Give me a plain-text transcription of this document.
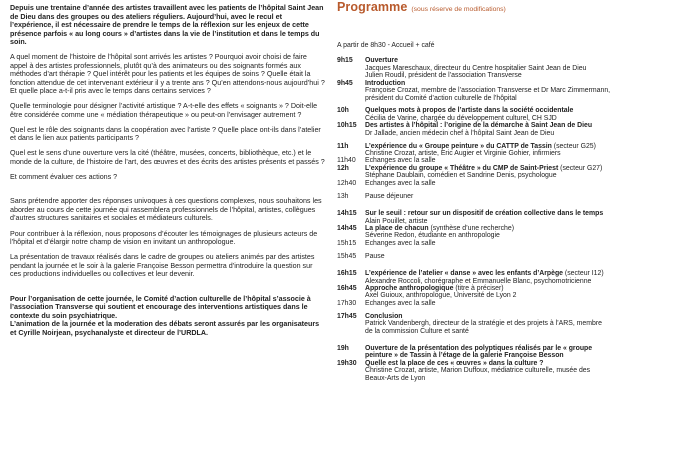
Depuis une trentaine d’année des artistes travaillent avec les patients de l’hôpital Saint Jean de Dieu dans des groupes ou des ateliers réguliers. Aujourd’hui, avec le recul et l’expérience, il est nécessaire de prendre le temps de la réflexion sur les enjeux de cette présence parfois « au long cours » d’artistes dans la vie de l’institution et dans le temps du soin.

A quel moment de l’histoire de l’hôpital sont arrivés les artistes ? Pourquoi avoir choisi de faire appel à des artistes professionnels, plutôt qu’à des animateurs ou des soignants formés aux méthodes d’art thérapie ? Quel intérêt pour les patients et les équipes de soins ? Quelle était la fonction attendue de cet intervenant extérieur il y a trente ans ? Qu’en attendons-nous aujourd’hui ? Et quelle place a-t-il pris avec le temps dans certains services ?

Quelle terminologie pour désigner l’activité artistique ? A-t-elle des effets « soignants » ? Doit-elle être considérée comme une « médiation thérapeutique » ou peut-on l’envisager autrement ?

Quel est le rôle des soignants dans la coopération avec l’artiste ? Quelle place ont-ils dans l’atelier et dans le lien aux patients participants ?

Quel est le sens d’une ouverture vers la cité (théâtre, musées, concerts, bibliothèque, etc.) et le monde de la culture, de l’histoire de l’art, des œuvres et des écrits des artistes présents et passés ?

Et comment évaluer ces actions ?

Sans prétendre apporter des réponses univoques à ces questions complexes, nous souhaitons les aborder au cours de cette journée qui rassemblera professionnels de l’hôpital, artistes, collègues d’autres structures sanitaires et sociales et médiateurs culturels.

Pour contribuer à la réflexion, nous proposons d’écouter les témoignages de plusieurs acteurs de l’hôpital et d’élargir notre champ de vision en invitant un anthropologue.

La présentation de travaux réalisés dans le cadre de groupes ou ateliers animés par des artistes pendant la journée et le soir à la galerie Françoise Besson permettra d’introduire la question sur ces productions individuelles ou collectives et leur devenir.

Pour l’organisation de cette journée, le Comité d’action culturelle de l’hôpital s’associe à l’association Transverse qui soutient et encourage des interventions artistiques dans le contexte du soin psychiatrique.

L’animation de la journée et la moderation des débats seront assurés par les organisateurs et Cyrille Noirjean, psychanalyste et directeur de l’URDLA.

Programme (sous réserve de modifications)
A partir de 8h30 - Accueil + café
9h15	Ouverture
Jacques Mareschaux, directeur du Centre hospitalier Saint Jean de Dieu
Julien Roudil, président de l’association Transverse
9h45	Introduction
Françoise Crozat, membre de l’association Transverse et Dr Marc Zimmermann,
président du Comité d’action culturelle de l’hôpital
10h	Quelques mots à propos de l’artiste dans la société occidentale
Cécilia de Varine, chargée du développement culturel, CH SJD
10h15	Des artistes à l’hôpital : l’origine de la démarche à Saint Jean de Dieu
Dr Jallade, ancien médecin chef à l’hôpital Saint Jean de Dieu
11h	L’expérience du « Groupe peinture » du CATTP de Tassin (secteur G25)
Christine Crozat, artiste, Eric Augier et Virginie Gohier, infirmiers
11h40	Echanges avec la salle
12h	L’expérience du groupe « Théâtre » du CMP de Saint-Priest (secteur G27)
Stéphane Daublain, comédien et Sandrine Denis, psychologue
12h40	Echanges avec la salle
13h	Pause déjeuner
14h15	Sur le seuil : retour sur un dispositif de création collective dans le temps
Alain Pouillet, artiste
14h45	La place de chacun (synthèse d’une recherche)
Séverine Redon, étudiante en anthropologie
15h15	Echanges avec la salle
15h45	Pause
16h15	L’expérience de l’atelier « danse » avec les enfants d’Arpège (secteur I12)
Alexandre Roccoli, chorégraphe et Emmanuelle Blanc, psychomotricienne
16h45	Approche anthropologique (titre à préciser)
Axel Guioux, anthropologue, Université de Lyon 2
17h30	Echanges avec la salle
17h45	Conclusion
Patrick Vandenbergh, directeur de la stratégie et des projets à l’ARS, membre
de la commission Culture et santé
19h	Ouverture de la présentation des polyptiques réalisés par le « groupe
peinture » de Tassin à l’étage de la galerie Françoise Besson
19h30	Quelle est la place de ces « œuvres » dans la culture ?
Christine Crozat, artiste, Marion Duffoux, médiatrice culturelle, musée des
Beaux-Arts de Lyon
